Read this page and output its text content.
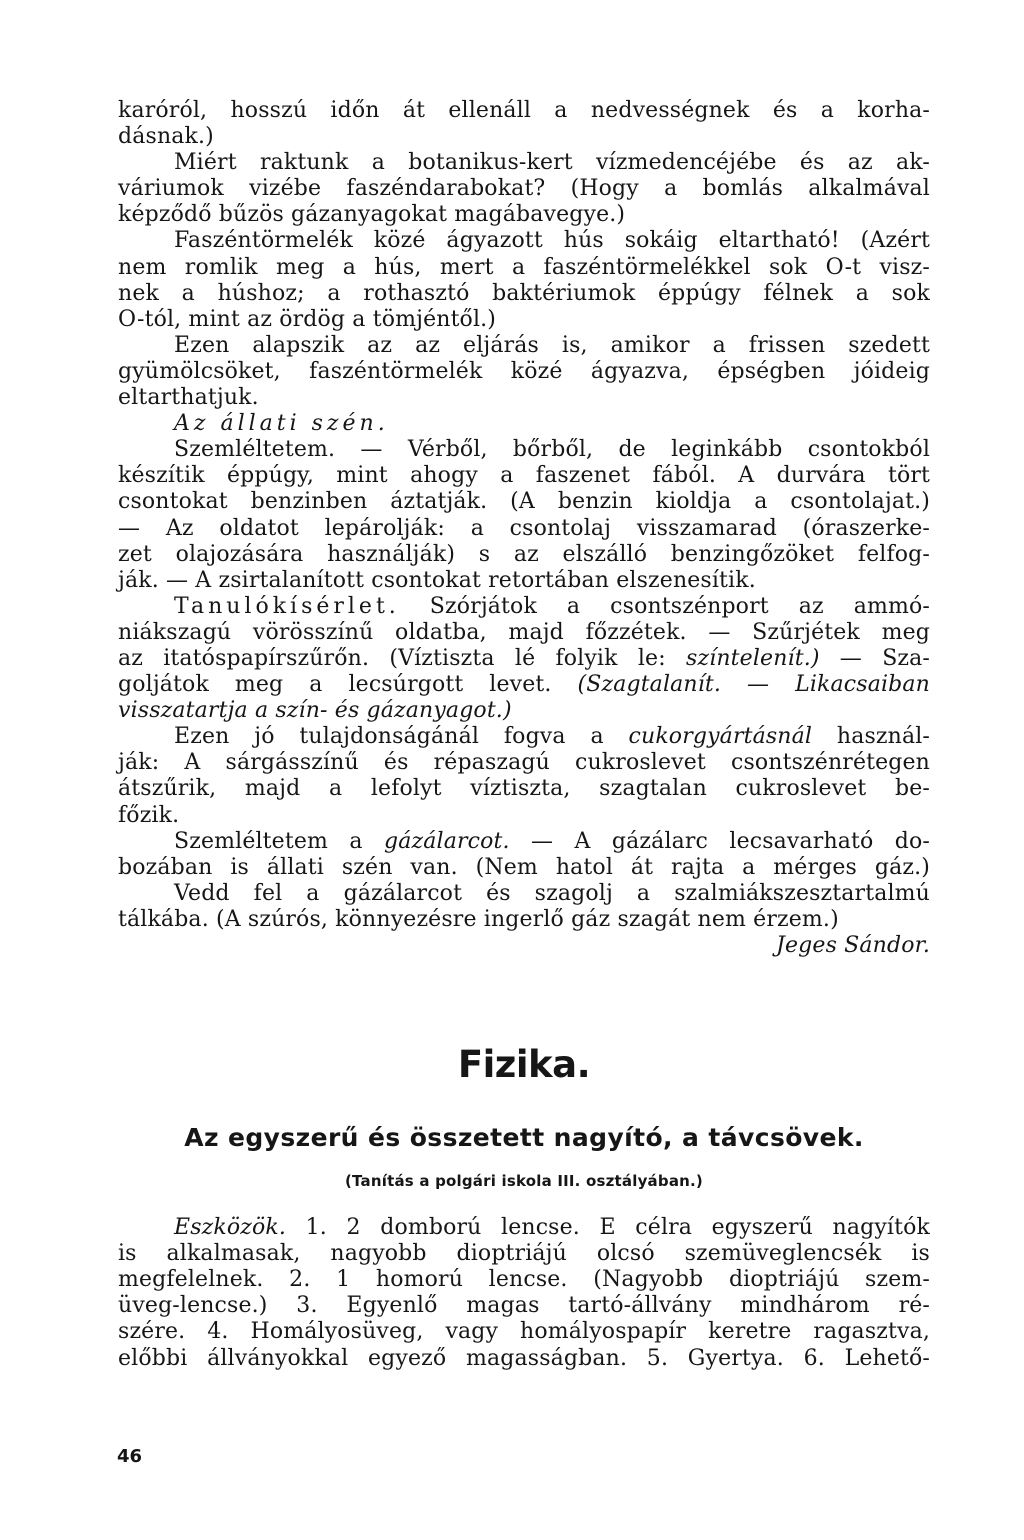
karóról, hosszú időn át ellenáll a nedvességnek és a korha-
dásnak.)
Miért raktunk a botanikus-kert vízmedencéjébe és az ak-
váriumok vizébe faszéndarabokat? (Hogy a bomlás alkalmával
képződő bűzös gázanyagokat magábavegye.)
Faszéntörmelék közé ágyazott hús sokáig eltartható! (Azért
nem romlik meg a hús, mert a faszéntörmelékkel sok O-t visz-
nek a húshoz; a rothasztó baktériumok éppúgy félnek a sok
O-tól, mint az ördög a tömjéntől.)
Ezen alapszik az az eljárás is, amikor a frissen szedett
gyümölcsöket, faszéntörmelék közé ágyazva, épségben jóideig
eltarthatjuk.
Az állati szén.
Szemléltetem. — Vérből, bőrből, de leginkább csontokból
készítik éppúgy, mint ahogy a faszenet fából. A durvára tört
csontokat benzinben áztatják. (A benzin kioldja a csontolajat.)
— Az oldatot lepárolják: a csontolaj visszamarad (óraszerke-
zet olajozására használják) s az elszálló benzingőzöket felfog-
ják. — A zsirtalanított csontokat retortában elszenesítik.
Tanulókísérlet. Szórjátok a csontszénport az ammó-
niákszagú vörösszínű oldatba, majd főzzétek. — Szűrjétek meg
az itatóspapírszűrőn. (Víztiszta lé folyik le: színtelenít.) — Sza-
goljátok meg a lecsúrgott levet. (Szagtalanít. — Likacsaiban
visszatartja a szín- és gázanyagot.)
Ezen jó tulajdonságánál fogva a cukorgyártásnál használ-
ják: A sárgásszínű és répaszagú cukroslevet csontszénrétegen
átszűrik, majd a lefolyt víztiszta, szagtalan cukroslevet be-
főzik.
Szemléltetem a gázálarcot. — A gázálarc lecsavarható do-
bozában is állati szén van. (Nem hatol át rajta a mérges gáz.)
Vedd fel a gázálarcot és szagolj a szalmiákszesztartalmú
tálkába. (A szúrós, könnyezésre ingerlő gáz szagát nem érzem.)
Jeges Sándor.
Fizika.
Az egyszerű és összetett nagyító, a távcsövek.
(Tanítás a polgári iskola III. osztályában.)
Eszközök. 1. 2 domború lencse. E célra egyszerű nagyítók
is alkalmasak, nagyobb dioptriájú olcsó szemüveglencsék is
megfelelnek. 2. 1 homorú lencse. (Nagyobb dioptriájú szem-
üveg-lencse.) 3. Egyenlő magas tartó-állvány mindhárom ré-
szére. 4. Homályosüveg, vagy homályospapír keretre ragasztva,
előbbi állványokkal egyező magasságban. 5. Gyertya. 6. Lehető-
46
